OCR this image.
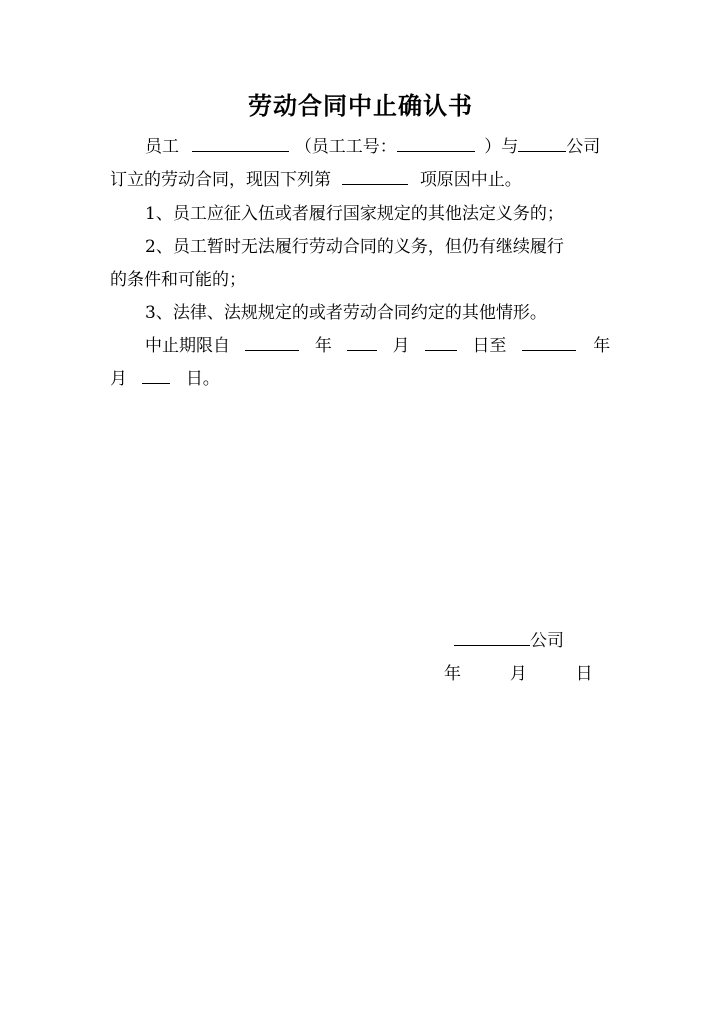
劳动合同中止确认书
员工	（员工工号：	）与	公司
订立的劳动合同，现因下列第	项原因中止。
1、员工应征入伍或者履行国家规定的其他法定义务的；
2、员工暂时无法履行劳动合同的义务，但仍有继续履行
的条件和可能的；
3、法律、法规规定的或者劳动合同约定的其他情形。
中止期限自	年	月	日至	年
月	日。
公司
年	月	日
